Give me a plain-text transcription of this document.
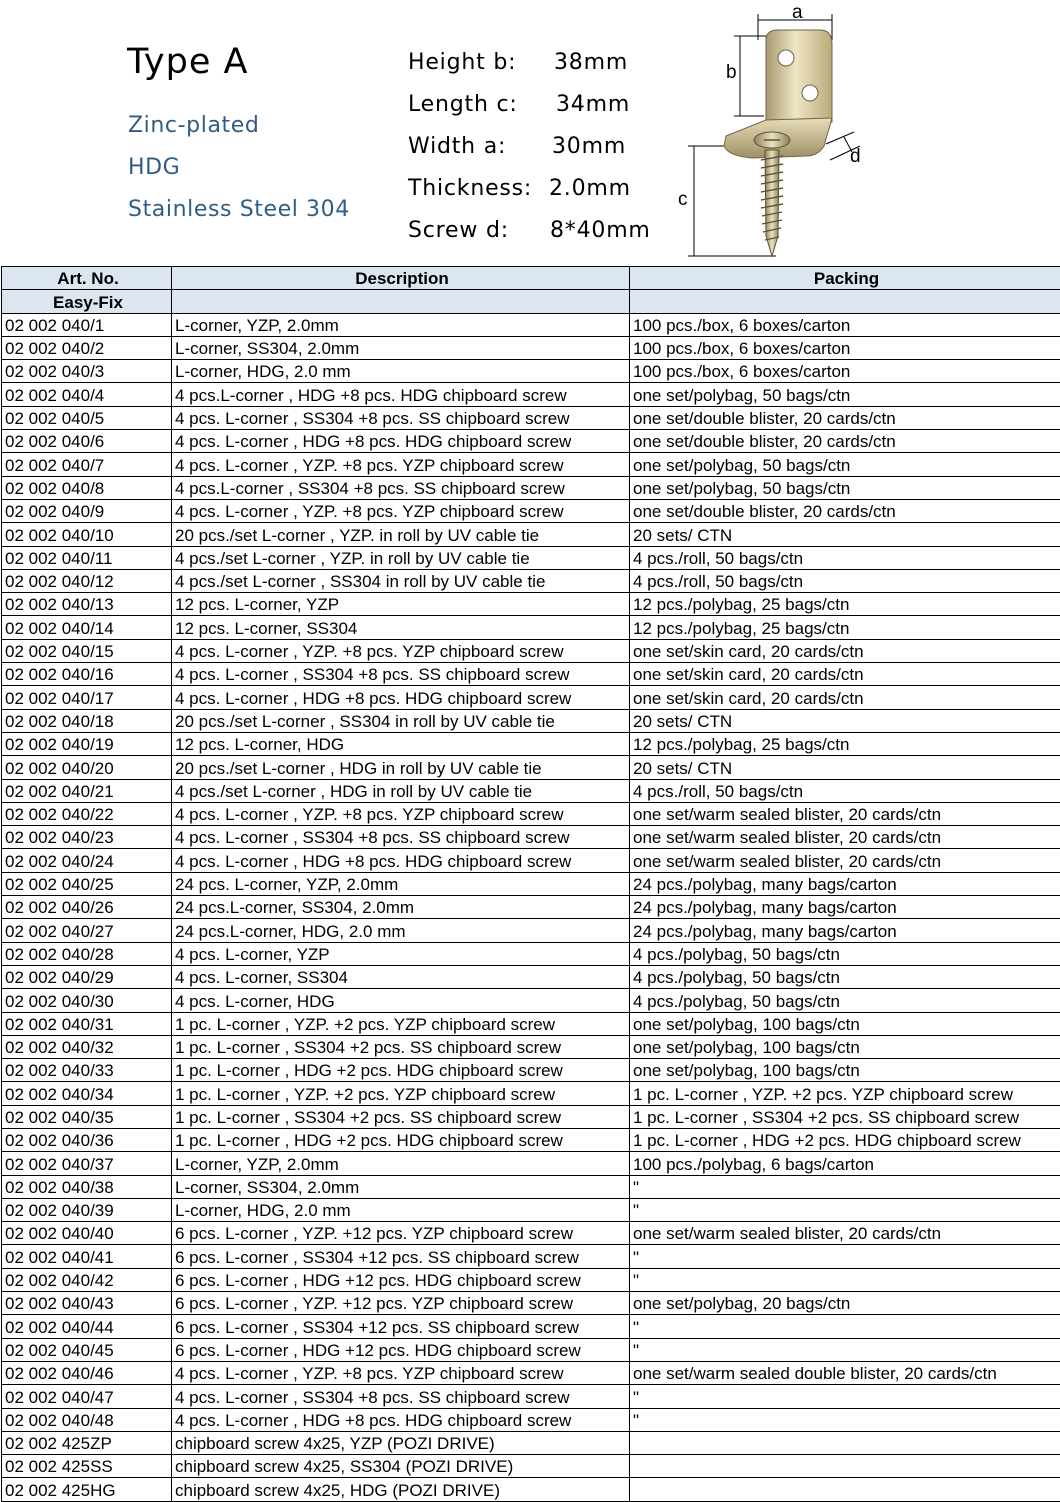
Type A
Zinc-plated
HDG
Stainless Steel 304
Height b: 38mm
Length c: 34mm
Width a: 30mm
Thickness: 2.0mm
Screw d: 8*40mm
a
b
c
d
Art. No.	Description	Packing
Easy-Fix		
02 002 040/1	L-corner, YZP, 2.0mm	100 pcs./box, 6 boxes/carton
02 002 040/2	L-corner, SS304, 2.0mm	100 pcs./box, 6 boxes/carton
02 002 040/3	L-corner, HDG, 2.0 mm	100 pcs./box, 6 boxes/carton
02 002 040/4	4 pcs.L-corner , HDG +8 pcs. HDG chipboard screw	one set/polybag, 50 bags/ctn
02 002 040/5	4 pcs. L-corner , SS304 +8 pcs. SS chipboard screw	one set/double blister, 20 cards/ctn
02 002 040/6	4 pcs. L-corner , HDG +8 pcs. HDG chipboard screw	one set/double blister, 20 cards/ctn
02 002 040/7	4 pcs. L-corner , YZP. +8 pcs. YZP chipboard screw	one set/polybag, 50 bags/ctn
02 002 040/8	4 pcs.L-corner , SS304 +8 pcs. SS chipboard screw	one set/polybag, 50 bags/ctn
02 002 040/9	4 pcs. L-corner , YZP. +8 pcs. YZP chipboard screw	one set/double blister, 20 cards/ctn
02 002 040/10	20 pcs./set L-corner , YZP. in roll by UV cable tie	20 sets/ CTN
02 002 040/11	4 pcs./set L-corner , YZP. in roll by UV cable tie	4 pcs./roll, 50 bags/ctn
02 002 040/12	4 pcs./set L-corner , SS304 in roll by UV cable tie	4 pcs./roll, 50 bags/ctn
02 002 040/13	12 pcs. L-corner, YZP	12 pcs./polybag, 25 bags/ctn
02 002 040/14	12 pcs. L-corner, SS304	12 pcs./polybag, 25 bags/ctn
02 002 040/15	4 pcs. L-corner , YZP. +8 pcs. YZP chipboard screw	one set/skin card, 20 cards/ctn
02 002 040/16	4 pcs. L-corner , SS304 +8 pcs. SS chipboard screw	one set/skin card, 20 cards/ctn
02 002 040/17	4 pcs. L-corner , HDG +8 pcs. HDG chipboard screw	one set/skin card, 20 cards/ctn
02 002 040/18	20 pcs./set L-corner , SS304 in roll by UV cable tie	20 sets/ CTN
02 002 040/19	12 pcs. L-corner, HDG	12 pcs./polybag, 25 bags/ctn
02 002 040/20	20 pcs./set L-corner , HDG in roll by UV cable tie	20 sets/ CTN
02 002 040/21	4 pcs./set L-corner , HDG in roll by UV cable tie	4 pcs./roll, 50 bags/ctn
02 002 040/22	4 pcs. L-corner , YZP. +8 pcs. YZP chipboard screw	one set/warm sealed blister, 20 cards/ctn
02 002 040/23	4 pcs. L-corner , SS304 +8 pcs. SS chipboard screw	one set/warm sealed blister, 20 cards/ctn
02 002 040/24	4 pcs. L-corner , HDG +8 pcs. HDG chipboard screw	one set/warm sealed blister, 20 cards/ctn
02 002 040/25	24 pcs. L-corner, YZP, 2.0mm	24 pcs./polybag, many bags/carton
02 002 040/26	24 pcs.L-corner, SS304, 2.0mm	24 pcs./polybag, many bags/carton
02 002 040/27	24 pcs.L-corner, HDG, 2.0 mm	24 pcs./polybag, many bags/carton
02 002 040/28	4 pcs. L-corner, YZP	4 pcs./polybag, 50 bags/ctn
02 002 040/29	4 pcs. L-corner, SS304	4 pcs./polybag, 50 bags/ctn
02 002 040/30	4 pcs. L-corner, HDG	4 pcs./polybag, 50 bags/ctn
02 002 040/31	1 pc. L-corner , YZP. +2 pcs. YZP chipboard screw	one set/polybag, 100 bags/ctn
02 002 040/32	1 pc. L-corner , SS304 +2 pcs. SS chipboard screw	one set/polybag, 100 bags/ctn
02 002 040/33	1 pc. L-corner , HDG +2 pcs. HDG chipboard screw	one set/polybag, 100 bags/ctn
02 002 040/34	1 pc. L-corner , YZP. +2 pcs. YZP chipboard screw	1 pc. L-corner , YZP. +2 pcs. YZP chipboard screw
02 002 040/35	1 pc. L-corner , SS304 +2 pcs. SS chipboard screw	1 pc. L-corner , SS304 +2 pcs. SS chipboard screw
02 002 040/36	1 pc. L-corner , HDG +2 pcs. HDG chipboard screw	1 pc. L-corner , HDG +2 pcs. HDG chipboard screw
02 002 040/37	L-corner, YZP, 2.0mm	100 pcs./polybag, 6 bags/carton
02 002 040/38	L-corner, SS304, 2.0mm	"
02 002 040/39	L-corner, HDG, 2.0 mm	"
02 002 040/40	6 pcs. L-corner , YZP. +12 pcs. YZP chipboard screw	one set/warm sealed blister, 20 cards/ctn
02 002 040/41	6 pcs. L-corner , SS304 +12 pcs. SS chipboard screw	"
02 002 040/42	6 pcs. L-corner , HDG +12 pcs. HDG chipboard screw	"
02 002 040/43	6 pcs. L-corner , YZP. +12 pcs. YZP chipboard screw	one set/polybag, 20 bags/ctn
02 002 040/44	6 pcs. L-corner , SS304 +12 pcs. SS chipboard screw	"
02 002 040/45	6 pcs. L-corner , HDG +12 pcs. HDG chipboard screw	"
02 002 040/46	4 pcs. L-corner , YZP. +8 pcs. YZP chipboard screw	one set/warm sealed double blister, 20 cards/ctn
02 002 040/47	4 pcs. L-corner , SS304 +8 pcs. SS chipboard screw	"
02 002 040/48	4 pcs. L-corner , HDG +8 pcs. HDG chipboard screw	"
02 002 425ZP	chipboard screw 4x25, YZP (POZI DRIVE)	
02 002 425SS	chipboard screw 4x25, SS304 (POZI DRIVE)	
02 002 425HG	chipboard screw 4x25, HDG (POZI DRIVE)	
